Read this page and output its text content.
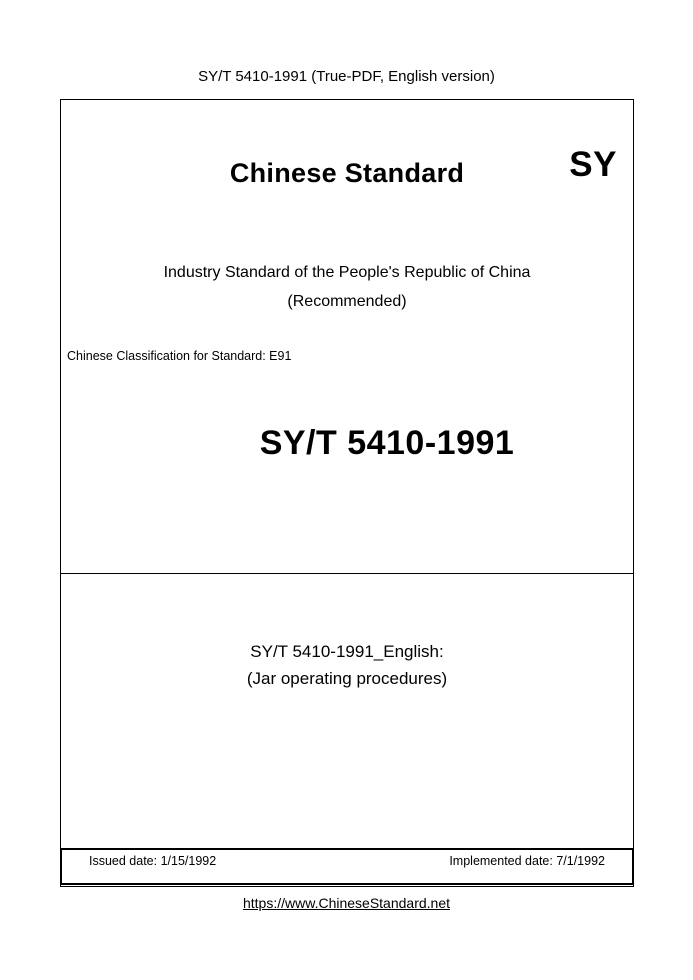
SY/T 5410-1991 (True-PDF, English version)
Chinese Standard	SY
Industry Standard of the People's Republic of China
(Recommended)
Chinese Classification for Standard: E91
SY/T 5410-1991
SY/T 5410-1991_English:
(Jar operating procedures)
Issued date: 1/15/1992	Implemented date: 7/1/1992
https://www.ChineseStandard.net
